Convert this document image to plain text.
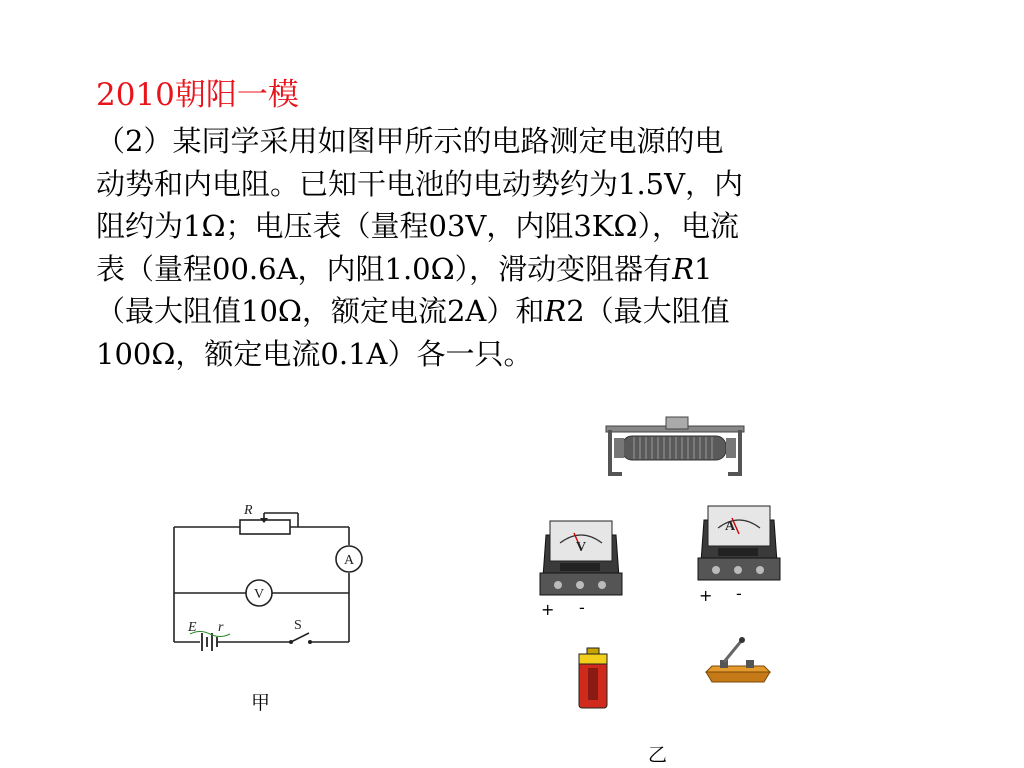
2010朝阳一模
（2）某同学采用如图甲所示的电路测定电源的电
动势和内电阻。已知干电池的电动势约为1.5V，内
阻约为1Ω；电压表（量程03V，内阻3KΩ），电流
表（量程00.6A，内阻1.0Ω），滑动变阻器有R1
（最大阻值10Ω，额定电流2A）和R2（最大阻值
100Ω，额定电流0.1A）各一只。
R
A
V
E r	S
甲
V
+ -
A
+ -
乙
